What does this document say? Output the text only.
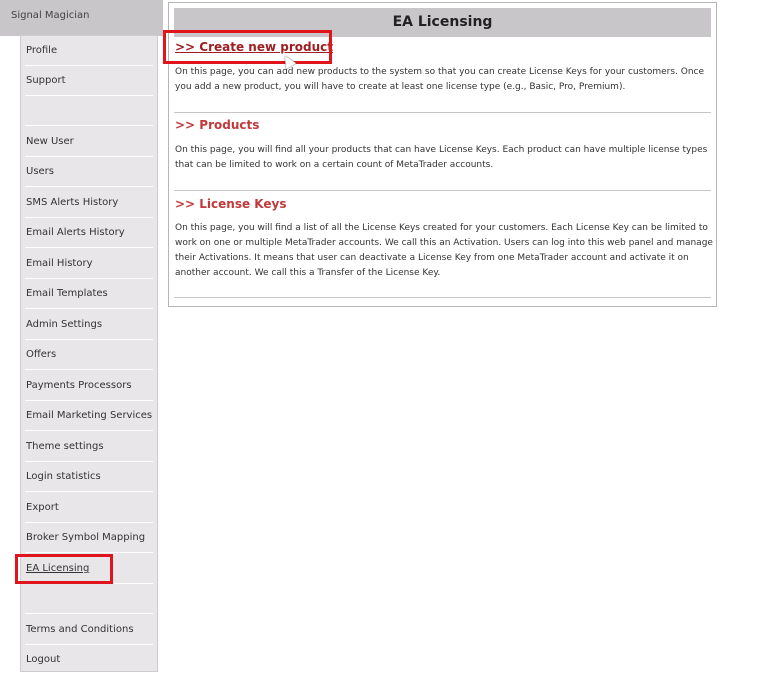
Signal Magician
Profile
Support
New User
Users
SMS Alerts History
Email Alerts History
Email History
Email Templates
Admin Settings
Offers
Payments Processors
Email Marketing Services
Theme settings
Login statistics
Export
Broker Symbol Mapping
EA Licensing
Terms and Conditions
Logout
EA Licensing
>> Create new product
On this page, you can add new products to the system so that you can create License Keys for your customers. Once you add a new product, you will have to create at least one license type (e.g., Basic, Pro, Premium).
>> Products
On this page, you will find all your products that can have License Keys. Each product can have multiple license types that can be limited to work on a certain count of MetaTrader accounts.
>> License Keys
On this page, you will find a list of all the License Keys created for your customers. Each License Key can be limited to work on one or multiple MetaTrader accounts. We call this an Activation. Users can log into this web panel and manage their Activations. It means that user can deactivate a License Key from one MetaTrader account and activate it on another account. We call this a Transfer of the License Key.
